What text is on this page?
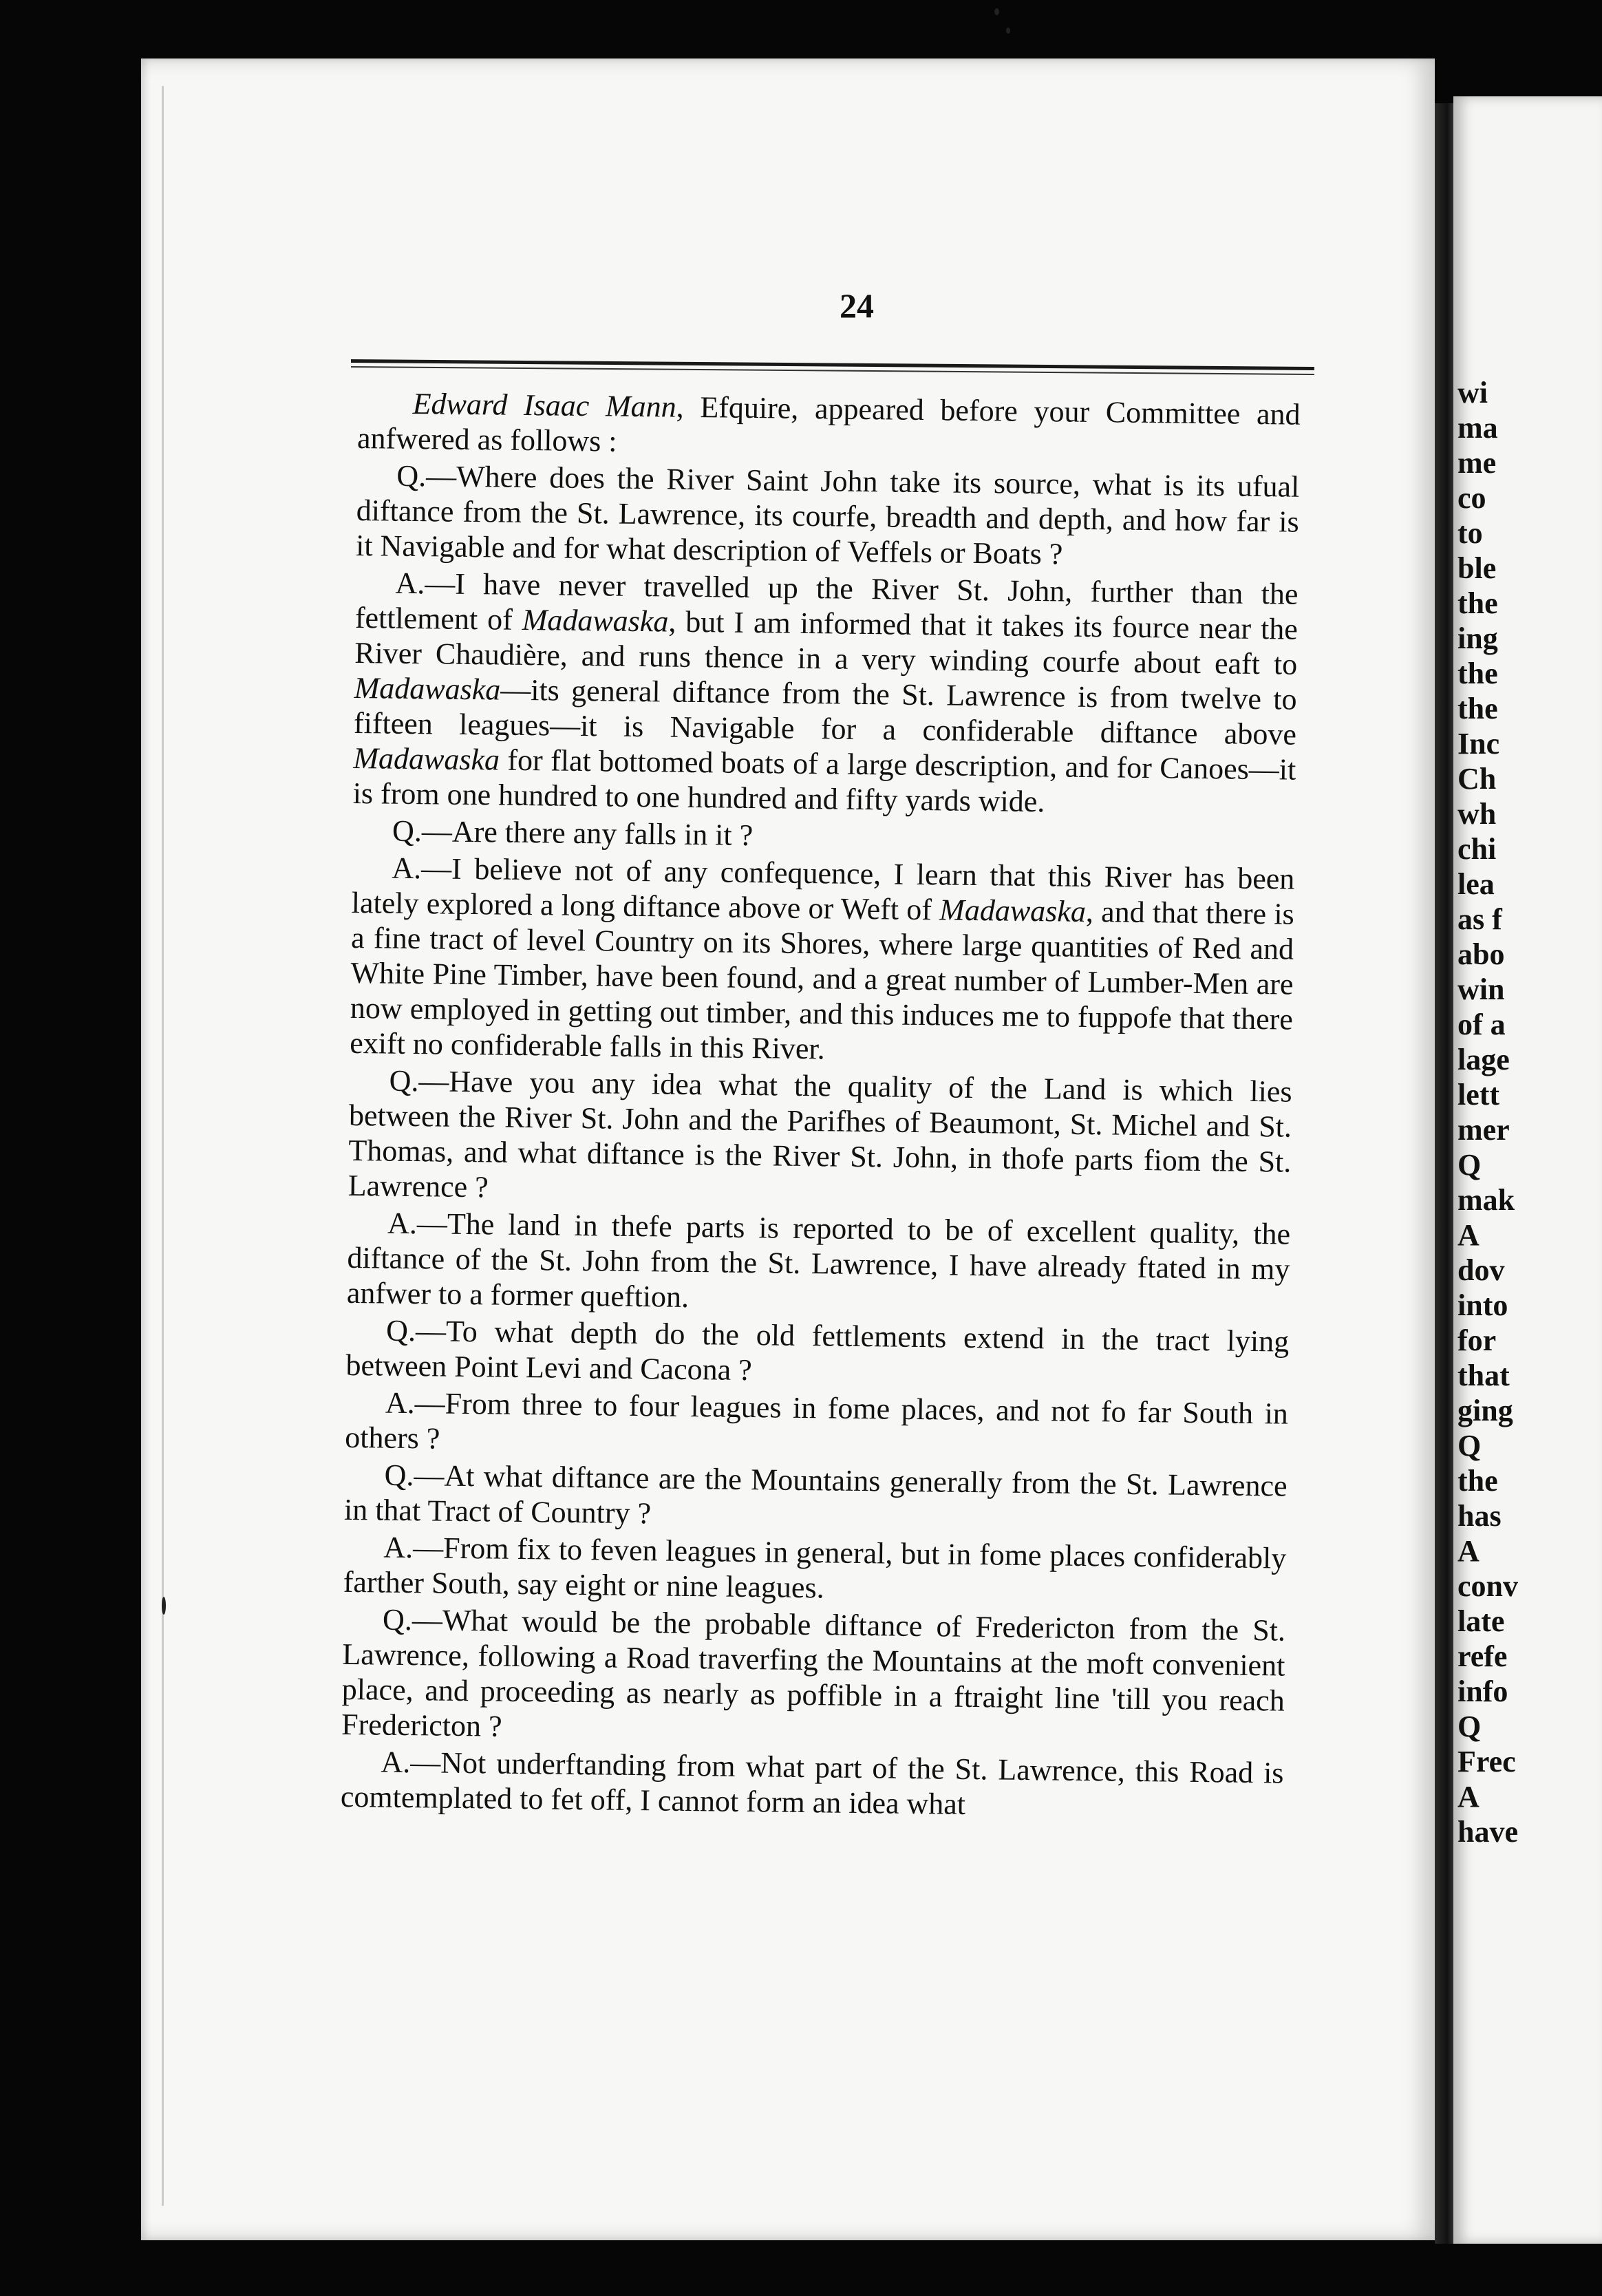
24

Edward Isaac Mann, Efquire, appeared before your Committee and anfwered as follows :

Q.—Where does the River Saint John take its source, what is its ufual diftance from the St. Lawrence, its courfe, breadth and depth, and how far is it Navigable and for what description of Veffels or Boats ?

A.—I have never travelled up the River St. John, further than the fettlement of Madawaska, but I am informed that it takes its fource near the River Chaudière, and runs thence in a very winding courfe about eaft to Madawaska—its general diftance from the St. Lawrence is from twelve to fifteen leagues—it is Navigable for a confiderable diftance above Madawaska for flat bottomed boats of a large description, and for Canoes—it is from one hundred to one hundred and fifty yards wide.

Q.—Are there any falls in it ?

A.—I believe not of any confequence, I learn that this River has been lately explored a long diftance above or Weft of Madawaska, and that there is a fine tract of level Country on its Shores, where large quantities of Red and White Pine Timber, have been found, and a great number of Lumber-Men are now employed in getting out timber, and this induces me to fuppofe that there exift no confiderable falls in this River.

Q.—Have you any idea what the quality of the Land is which lies between the River St. John and the Parifhes of Beaumont, St. Michel and St. Thomas, and what diftance is the River St. John, in thofe parts fiom the St. Lawrence ?

A.—The land in thefe parts is reported to be of excellent quality, the diftance of the St. John from the St. Lawrence, I have already ftated in my anfwer to a former queftion.

Q.—To what depth do the old fettlements extend in the tract lying between Point Levi and Cacona ?

A.—From three to four leagues in fome places, and not fo far South in others ?

Q.—At what diftance are the Mountains generally from the St. Lawrence in that Tract of Country ?

A.—From fix to feven leagues in general, but in fome places confiderably farther South, say eight or nine leagues.

Q.—What would be the probable diftance of Fredericton from the St. Lawrence, following a Road traverfing the Mountains at the moft convenient place, and proceeding as nearly as poffible in a ftraight line 'till you reach Fredericton ?

A.—Not underftanding from what part of the St. Lawrence, this Road is comtemplated to fet off, I cannot form an idea what

wi
ma
me
co
to
ble
the
ing
the
the
Inc
Ch
wh
chi
lea
as f
abo
win
of a
lage
lett
mer
Q
mak
A
dov
into
for
that
ging
Q
the
has
A
conv
late
refe
info
Q
Frec
A
have
